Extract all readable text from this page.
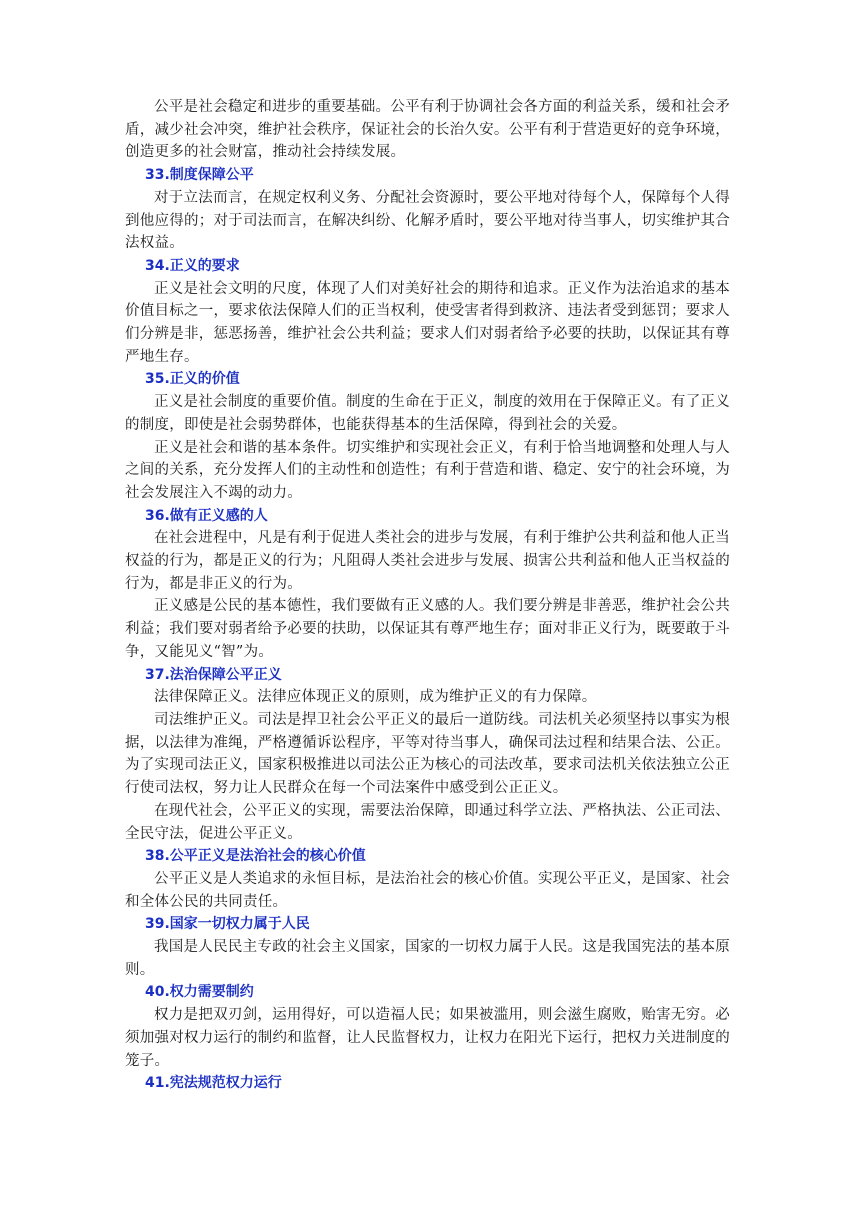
公平是社会稳定和进步的重要基础。公平有利于协调社会各方面的利益关系，缓和社会矛盾，减少社会冲突，维护社会秩序，保证社会的长治久安。公平有利于营造更好的竞争环境，创造更多的社会财富，推动社会持续发展。

33.制度保障公平

对于立法而言，在规定权利义务、分配社会资源时，要公平地对待每个人，保障每个人得到他应得的；对于司法而言，在解决纠纷、化解矛盾时，要公平地对待当事人，切实维护其合法权益。

34.正义的要求

正义是社会文明的尺度，体现了人们对美好社会的期待和追求。正义作为法治追求的基本价值目标之一，要求依法保障人们的正当权利，使受害者得到救济、违法者受到惩罚；要求人们分辨是非，惩恶扬善，维护社会公共利益；要求人们对弱者给予必要的扶助，以保证其有尊严地生存。

35.正义的价值

正义是社会制度的重要价值。制度的生命在于正义，制度的效用在于保障正义。有了正义的制度，即使是社会弱势群体，也能获得基本的生活保障，得到社会的关爱。

正义是社会和谐的基本条件。切实维护和实现社会正义，有利于恰当地调整和处理人与人之间的关系，充分发挥人们的主动性和创造性；有利于营造和谐、稳定、安宁的社会环境，为社会发展注入不竭的动力。

36.做有正义感的人

在社会进程中，凡是有利于促进人类社会的进步与发展，有利于维护公共利益和他人正当权益的行为，都是正义的行为；凡阻碍人类社会进步与发展、损害公共利益和他人正当权益的行为，都是非正义的行为。

正义感是公民的基本德性，我们要做有正义感的人。我们要分辨是非善恶，维护社会公共利益；我们要对弱者给予必要的扶助，以保证其有尊严地生存；面对非正义行为，既要敢于斗争，又能见义“智”为。

37.法治保障公平正义

法律保障正义。法律应体现正义的原则，成为维护正义的有力保障。

司法维护正义。司法是捍卫社会公平正义的最后一道防线。司法机关必须坚持以事实为根据，以法律为准绳，严格遵循诉讼程序，平等对待当事人，确保司法过程和结果合法、公正。为了实现司法正义，国家积极推进以司法公正为核心的司法改革，要求司法机关依法独立公正行使司法权，努力让人民群众在每一个司法案件中感受到公正正义。

在现代社会，公平正义的实现，需要法治保障，即通过科学立法、严格执法、公正司法、全民守法，促进公平正义。

38.公平正义是法治社会的核心价值

公平正义是人类追求的永恒目标，是法治社会的核心价值。实现公平正义，是国家、社会和全体公民的共同责任。

39.国家一切权力属于人民

我国是人民民主专政的社会主义国家，国家的一切权力属于人民。这是我国宪法的基本原则。

40.权力需要制约

权力是把双刃剑，运用得好，可以造福人民；如果被滥用，则会滋生腐败，贻害无穷。必须加强对权力运行的制约和监督，让人民监督权力，让权力在阳光下运行，把权力关进制度的笼子。

41.宪法规范权力运行
